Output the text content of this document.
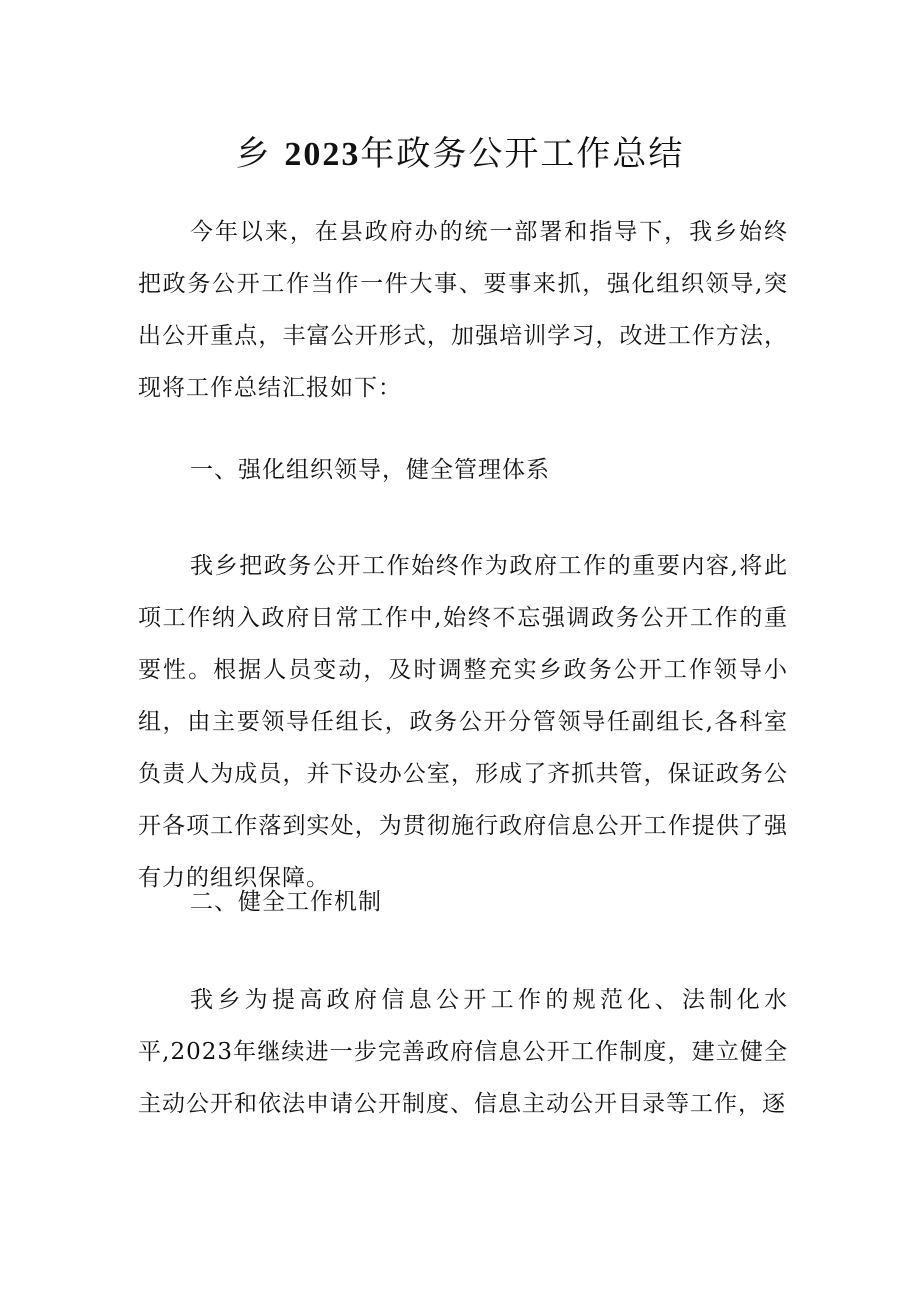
乡 2023年政务公开工作总结

今年以来，在县政府办的统一部署和指导下，我乡始终把政务公开工作当作一件大事、要事来抓，强化组织领导,突出公开重点，丰富公开形式，加强培训学习，改进工作方法，现将工作总结汇报如下：

一、强化组织领导，健全管理体系

我乡把政务公开工作始终作为政府工作的重要内容,将此项工作纳入政府日常工作中,始终不忘强调政务公开工作的重要性。根据人员变动，及时调整充实乡政务公开工作领导小组，由主要领导任组长，政务公开分管领导任副组长,各科室负责人为成员，并下设办公室，形成了齐抓共管，保证政务公开各项工作落到实处，为贯彻施行政府信息公开工作提供了强有力的组织保障。

二、健全工作机制

我乡为提高政府信息公开工作的规范化、法制化水平,2023年继续进一步完善政府信息公开工作制度，建立健全主动公开和依法申请公开制度、信息主动公开目录等工作，逐
